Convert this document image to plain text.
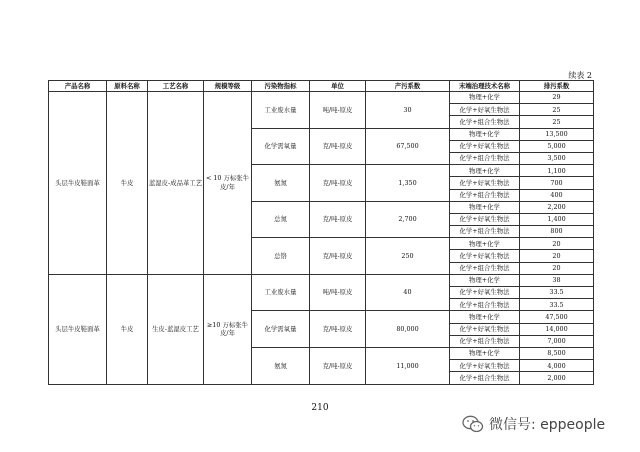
续表 2
产品名称	原料名称	工艺名称	规模等级	污染物指标	单位	产污系数	末端治理技术名称	排污系数
头层牛皮鞋面革	牛皮	蓝湿皮-成品革工艺	< 10 万标张牛皮/年	工业废水量	吨/吨-原皮	30	物理+化学	29
							化学+好氧生物法	25
							化学+组合生物法	25
				化学需氧量	克/吨-原皮	67,500	物理+化学	13,500
							化学+好氧生物法	5,000
							化学+组合生物法	3,500
				氨氮	克/吨-原皮	1,350	物理+化学	1,100
							化学+好氧生物法	700
							化学+组合生物法	400
				总氮	克/吨-原皮	2,700	物理+化学	2,200
							化学+好氧生物法	1,400
							化学+组合生物法	800
				总铬	克/吨-原皮	250	物理+化学	20
							化学+好氧生物法	20
							化学+组合生物法	20
头层牛皮鞋面革	牛皮	生皮-蓝湿皮工艺	≥10 万标张牛皮/年	工业废水量	吨/吨-原皮	40	物理+化学	38
							化学+好氧生物法	33.5
							化学+组合生物法	33.5
				化学需氧量	克/吨-原皮	80,000	物理+化学	47,500
							化学+好氧生物法	14,000
							化学+组合生物法	7,000
				氨氮	克/吨-原皮	11,000	物理+化学	8,500
							化学+好氧生物法	4,000
							化学+组合生物法	2,000
210
微信号: eppeople
